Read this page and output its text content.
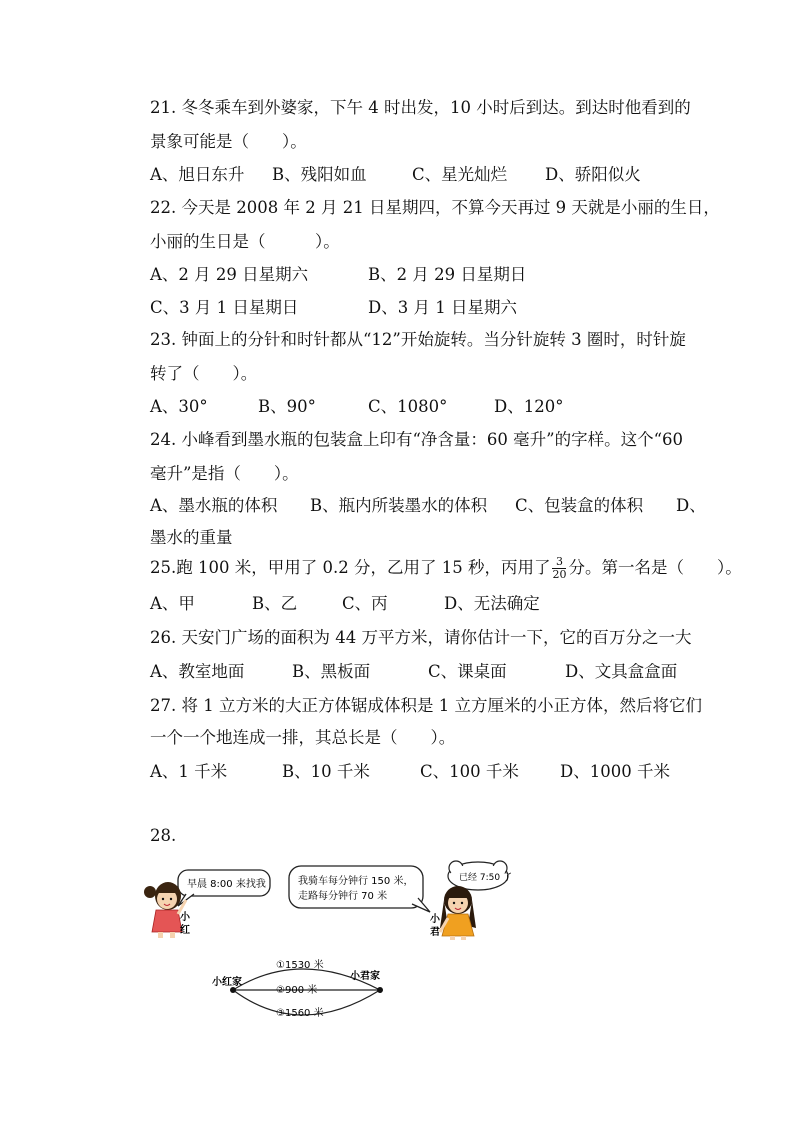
21. 冬冬乘车到外婆家，下午 4 时出发，10 小时后到达。到达时他看到的
景象可能是（　　）。
A、旭日东升 B、残阳如血	C、星光灿烂 D、骄阳似火
22. 今天是 2008 年 2 月 21 日星期四，不算今天再过 9 天就是小丽的生日，
小丽的生日是（　　　）。
A、2 月 29 日星期六	B、2 月 29 日星期日
C、3 月 1 日星期日	D、3 月 1 日星期六
23. 钟面上的分针和时针都从“12”开始旋转。当分针旋转 3 圈时，时针旋
转了（　　）。
A、30°	B、90°	C、1080°	D、120°
24. 小峰看到墨水瓶的包装盒上印有“净含量：60 毫升”的字样。这个“60
毫升”是指（　　）。
A、墨水瓶的体积 B、瓶内所装墨水的体积 C、包装盒的体积 D、
墨水的重量
25.跑 100 米，甲用了 0.2 分，乙用了 15 秒，丙用了 $\frac{3}{20}$ 分。第一名是（　　）。
A、甲	B、乙	C、丙	D、无法确定
26. 天安门广场的面积为 44 万平方米，请你估计一下，它的百万分之一大
A、教室地面	B、黑板面	C、课桌面	D、文具盒盒面
27. 将 1 立方米的大正方体锯成体积是 1 立方厘米的小正方体，然后将它们
一个一个地连成一排，其总长是（　　）。
A、1 千米	B、10 千米	C、100 千米 D、1000 千米
28.
早晨 8:00 来找我	我骑车每分钟行 150 米，
走路每分钟行 70 米
已经 7:50 了
小
红
小
君
小红家
小君家
①1530 米
②900 米
③1560 米
